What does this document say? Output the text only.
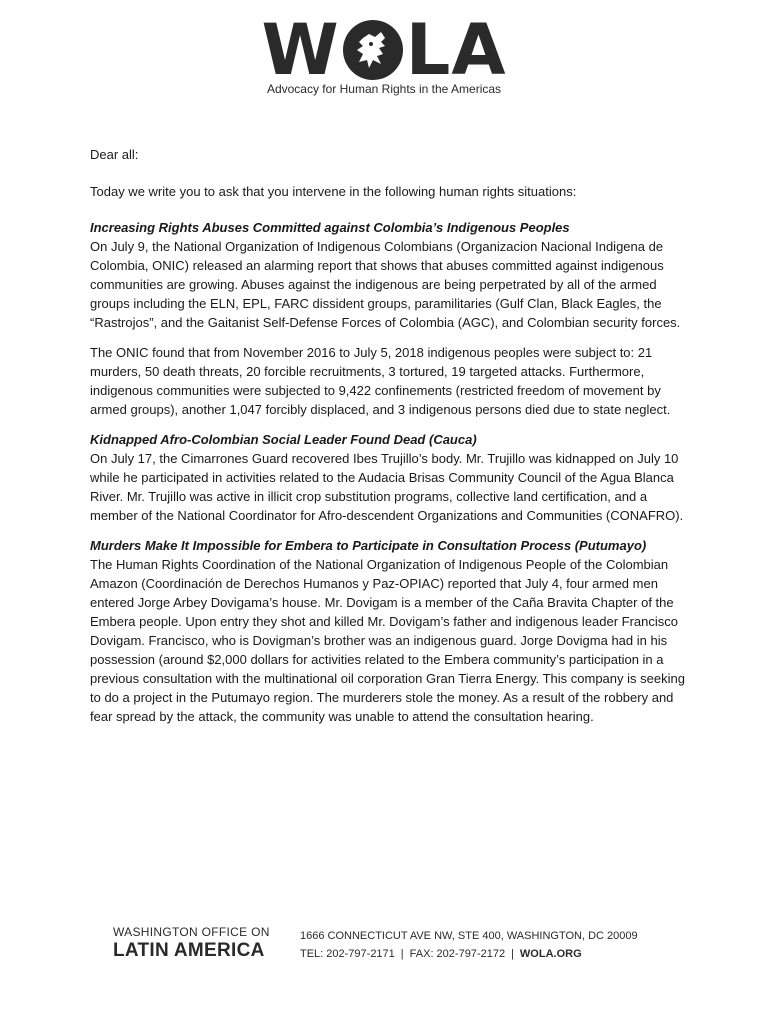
W LA
Advocacy for Human Rights in the Americas

Dear all:

Today we write you to ask that you intervene in the following human rights situations:

Increasing Rights Abuses Committed against Colombia’s Indigenous Peoples

On July 9, the National Organization of Indigenous Colombians (Organizacion Nacional Indigena de Colombia, ONIC) released an alarming report that shows that abuses committed against indigenous communities are growing. Abuses against the indigenous are being perpetrated by all of the armed groups including the ELN, EPL, FARC dissident groups, paramilitaries (Gulf Clan, Black Eagles, the “Rastrojos”, and the Gaitanist Self-Defense Forces of Colombia (AGC), and Colombian security forces.

The ONIC found that from November 2016 to July 5, 2018 indigenous peoples were subject to: 21 murders, 50 death threats, 20 forcible recruitments, 3 tortured, 19 targeted attacks. Furthermore, indigenous communities were subjected to 9,422 confinements (restricted freedom of movement by armed groups), another 1,047 forcibly displaced, and 3 indigenous persons died due to state neglect.

Kidnapped Afro-Colombian Social Leader Found Dead (Cauca)

On July 17, the Cimarrones Guard recovered Ibes Trujillo’s body. Mr. Trujillo was kidnapped on July 10 while he participated in activities related to the Audacia Brisas Community Council of the Agua Blanca River. Mr. Trujillo was active in illicit crop substitution programs, collective land certification, and a member of the National Coordinator for Afro-descendent Organizations and Communities (CONAFRO).

Murders Make It Impossible for Embera to Participate in Consultation Process (Putumayo)

The Human Rights Coordination of the National Organization of Indigenous People of the Colombian Amazon (Coordinación de Derechos Humanos y Paz-OPIAC) reported that July 4, four armed men entered Jorge Arbey Dovigama’s house. Mr. Dovigam is a member of the Caña Bravita Chapter of the Embera people. Upon entry they shot and killed Mr. Dovigam’s father and indigenous leader Francisco Dovigam. Francisco, who is Dovigman’s brother was an indigenous guard. Jorge Dovigma had in his possession (around $2,000 dollars for activities related to the Embera community’s participation in a previous consultation with the multinational oil corporation Gran Tierra Energy. This company is seeking to do a project in the Putumayo region. The murderers stole the money. As a result of the robbery and fear spread by the attack, the community was unable to attend the consultation hearing.

WASHINGTON OFFICE ON
LATIN AMERICA
1666 CONNECTICUT AVE NW, STE 400, WASHINGTON, DC 20009
TEL: 202-797-2171 | FAX: 202-797-2172 | WOLA.ORG
